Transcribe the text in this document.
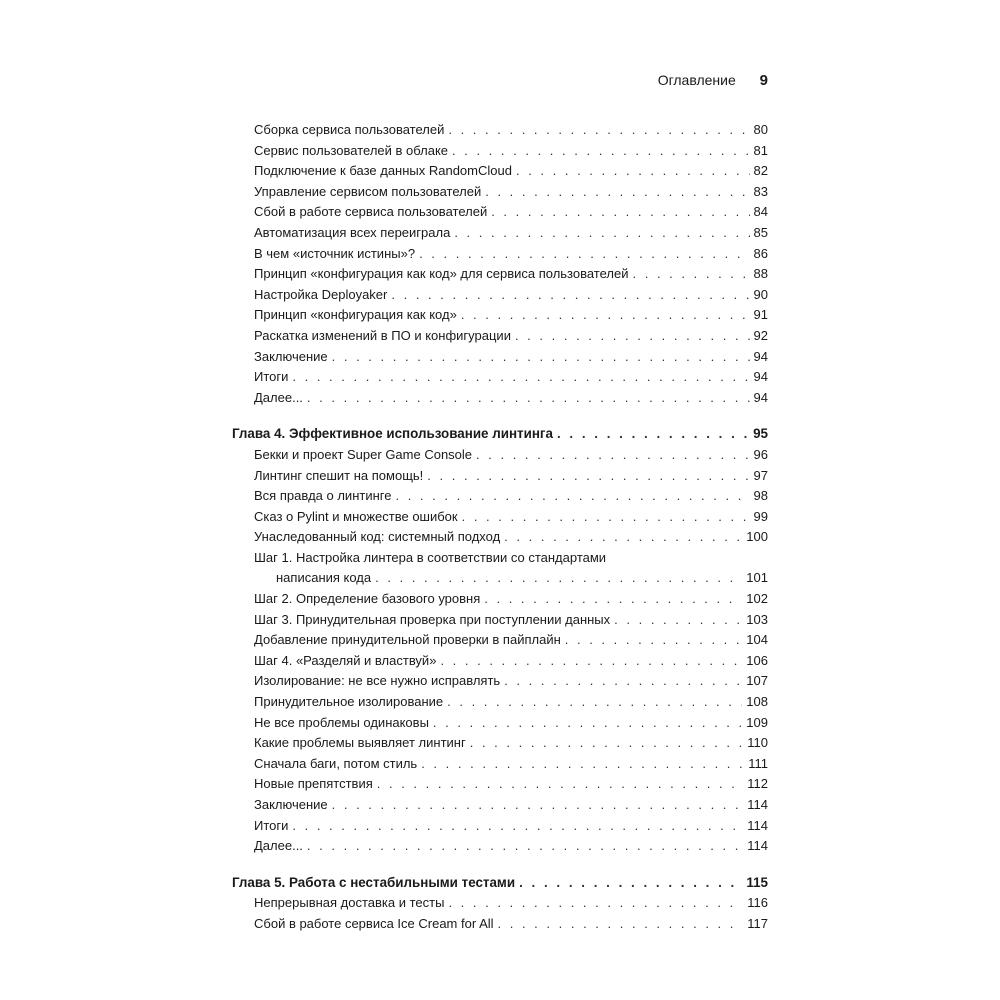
Оглавление 9
Сборка сервиса пользователей . . .	80
Сервис пользователей в облаке . . .	81
Подключение к базе данных RandomCloud . . .	82
Управление сервисом пользователей . . .	83
Сбой в работе сервиса пользователей . . .	84
Автоматизация всех переиграла . . .	85
В чем «источник истины»? . . .	86
Принцип «конфигурация как код» для сервиса пользователей . . .	88
Настройка Deployaker . . .	90
Принцип «конфигурация как код» . . .	91
Раскатка изменений в ПО и конфигурации . . .	92
Заключение . . .	94
Итоги . . .	94
Далее... . . .	94
Глава 4. Эффективное использование линтинга . . .	95
Бекки и проект Super Game Console . . .	96
Линтинг спешит на помощь! . . .	97
Вся правда о линтинге . . .	98
Сказ о Pylint и множестве ошибок . . .	99
Унаследованный код: системный подход . . .	100
Шаг 1. Настройка линтера в соответствии со стандартами
написания кода . . .	101
Шаг 2. Определение базового уровня . . .	102
Шаг 3. Принудительная проверка при поступлении данных . . .	103
Добавление принудительной проверки в пайплайн . . .	104
Шаг 4. «Разделяй и властвуй» . . .	106
Изолирование: не все нужно исправлять . . .	107
Принудительное изолирование . . .	108
Не все проблемы одинаковы . . .	109
Какие проблемы выявляет линтинг . . .	110
Сначала баги, потом стиль . . .	111
Новые препятствия . . .	112
Заключение . . .	114
Итоги . . .	114
Далее... . . .	114
Глава 5. Работа с нестабильными тестами . . .	115
Непрерывная доставка и тесты . . .	116
Сбой в работе сервиса Ice Cream for All . . .	117
